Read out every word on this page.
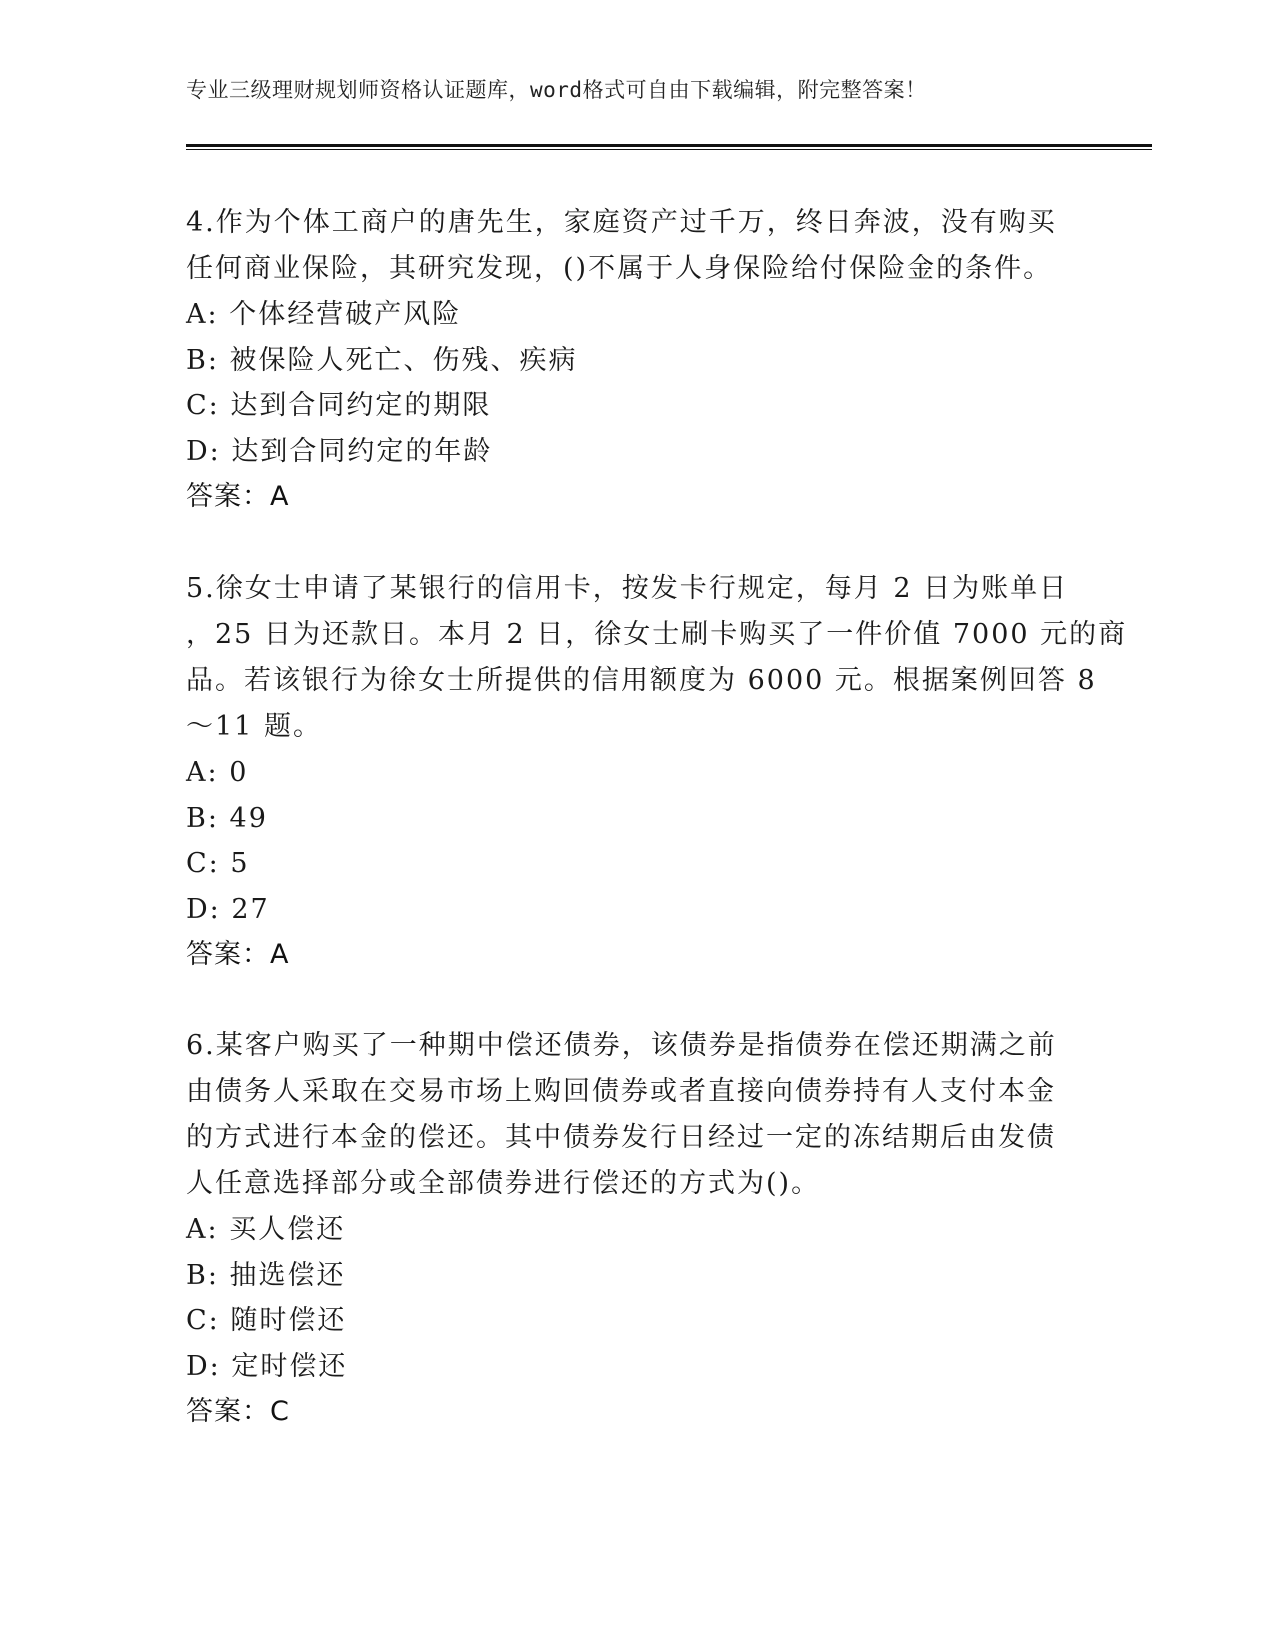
专业三级理财规划师资格认证题库，word格式可自由下载编辑，附完整答案！

4.作为个体工商户的唐先生，家庭资产过千万，终日奔波，没有购买
任何商业保险，其研究发现，()不属于人身保险给付保险金的条件。

A: 个体经营破产风险
B: 被保险人死亡、伤残、疾病
C: 达到合同约定的期限
D: 达到合同约定的年龄
答案：A

5.徐女士申请了某银行的信用卡，按发卡行规定，每月 2 日为账单日
，25 日为还款日。本月 2 日，徐女士刷卡购买了一件价值 7000 元的商
品。若该银行为徐女士所提供的信用额度为 6000 元。根据案例回答 8
～11 题。

A: 0
B: 49
C: 5
D: 27
答案：A

6.某客户购买了一种期中偿还债券，该债券是指债券在偿还期满之前
由债务人采取在交易市场上购回债券或者直接向债券持有人支付本金
的方式进行本金的偿还。其中债券发行日经过一定的冻结期后由发债
人任意选择部分或全部债券进行偿还的方式为()。

A: 买人偿还
B: 抽选偿还
C: 随时偿还
D: 定时偿还
答案：C
